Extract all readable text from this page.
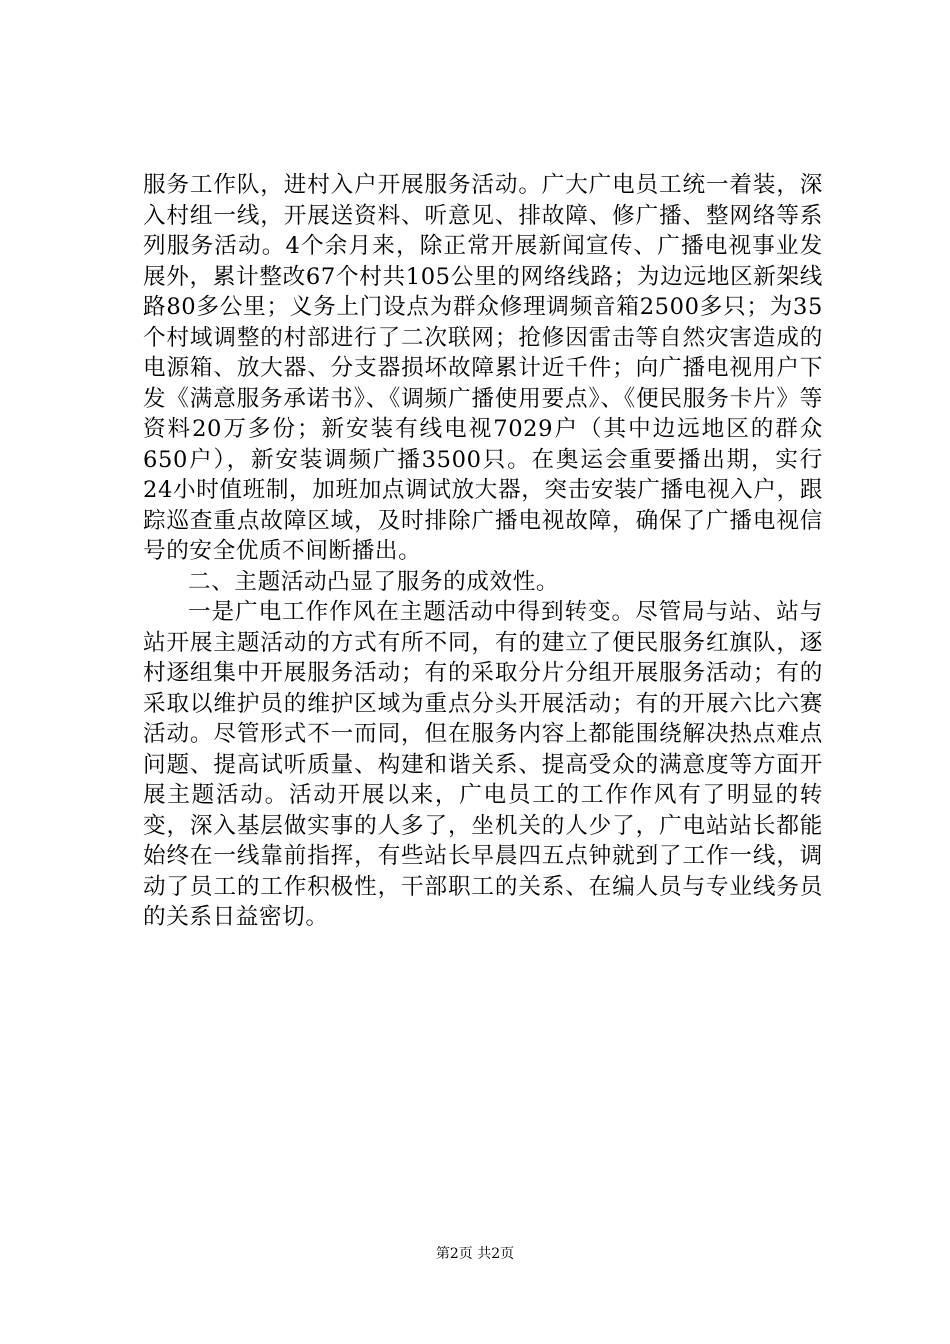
服务工作队，进村入户开展服务活动。广大广电员工统一着装，深入村组一线，开展送资料、听意见、排故障、修广播、整网络等系列服务活动。4个余月来，除正常开展新闻宣传、广播电视事业发展外，累计整改67个村共105公里的网络线路；为边远地区新架线路80多公里；义务上门设点为群众修理调频音箱2500多只；为35个村域调整的村部进行了二次联网；抢修因雷击等自然灾害造成的电源箱、放大器、分支器损坏故障累计近千件；向广播电视用户下发《满意服务承诺书》、《调频广播使用要点》、《便民服务卡片》等资料20万多份；新安装有线电视7029户（其中边远地区的群众650户），新安装调频广播3500只。在奥运会重要播出期，实行24小时值班制，加班加点调试放大器，突击安装广播电视入户，跟踪巡查重点故障区域，及时排除广播电视故障，确保了广播电视信号的安全优质不间断播出。

二、主题活动凸显了服务的成效性。

一是广电工作作风在主题活动中得到转变。尽管局与站、站与站开展主题活动的方式有所不同，有的建立了便民服务红旗队，逐村逐组集中开展服务活动；有的采取分片分组开展服务活动；有的采取以维护员的维护区域为重点分头开展活动；有的开展六比六赛活动。尽管形式不一而同，但在服务内容上都能围绕解决热点难点问题、提高试听质量、构建和谐关系、提高受众的满意度等方面开展主题活动。活动开展以来，广电员工的工作作风有了明显的转变，深入基层做实事的人多了，坐机关的人少了，广电站站长都能始终在一线靠前指挥，有些站长早晨四五点钟就到了工作一线，调动了员工的工作积极性，干部职工的关系、在编人员与专业线务员的关系日益密切。

第2页 共2页
